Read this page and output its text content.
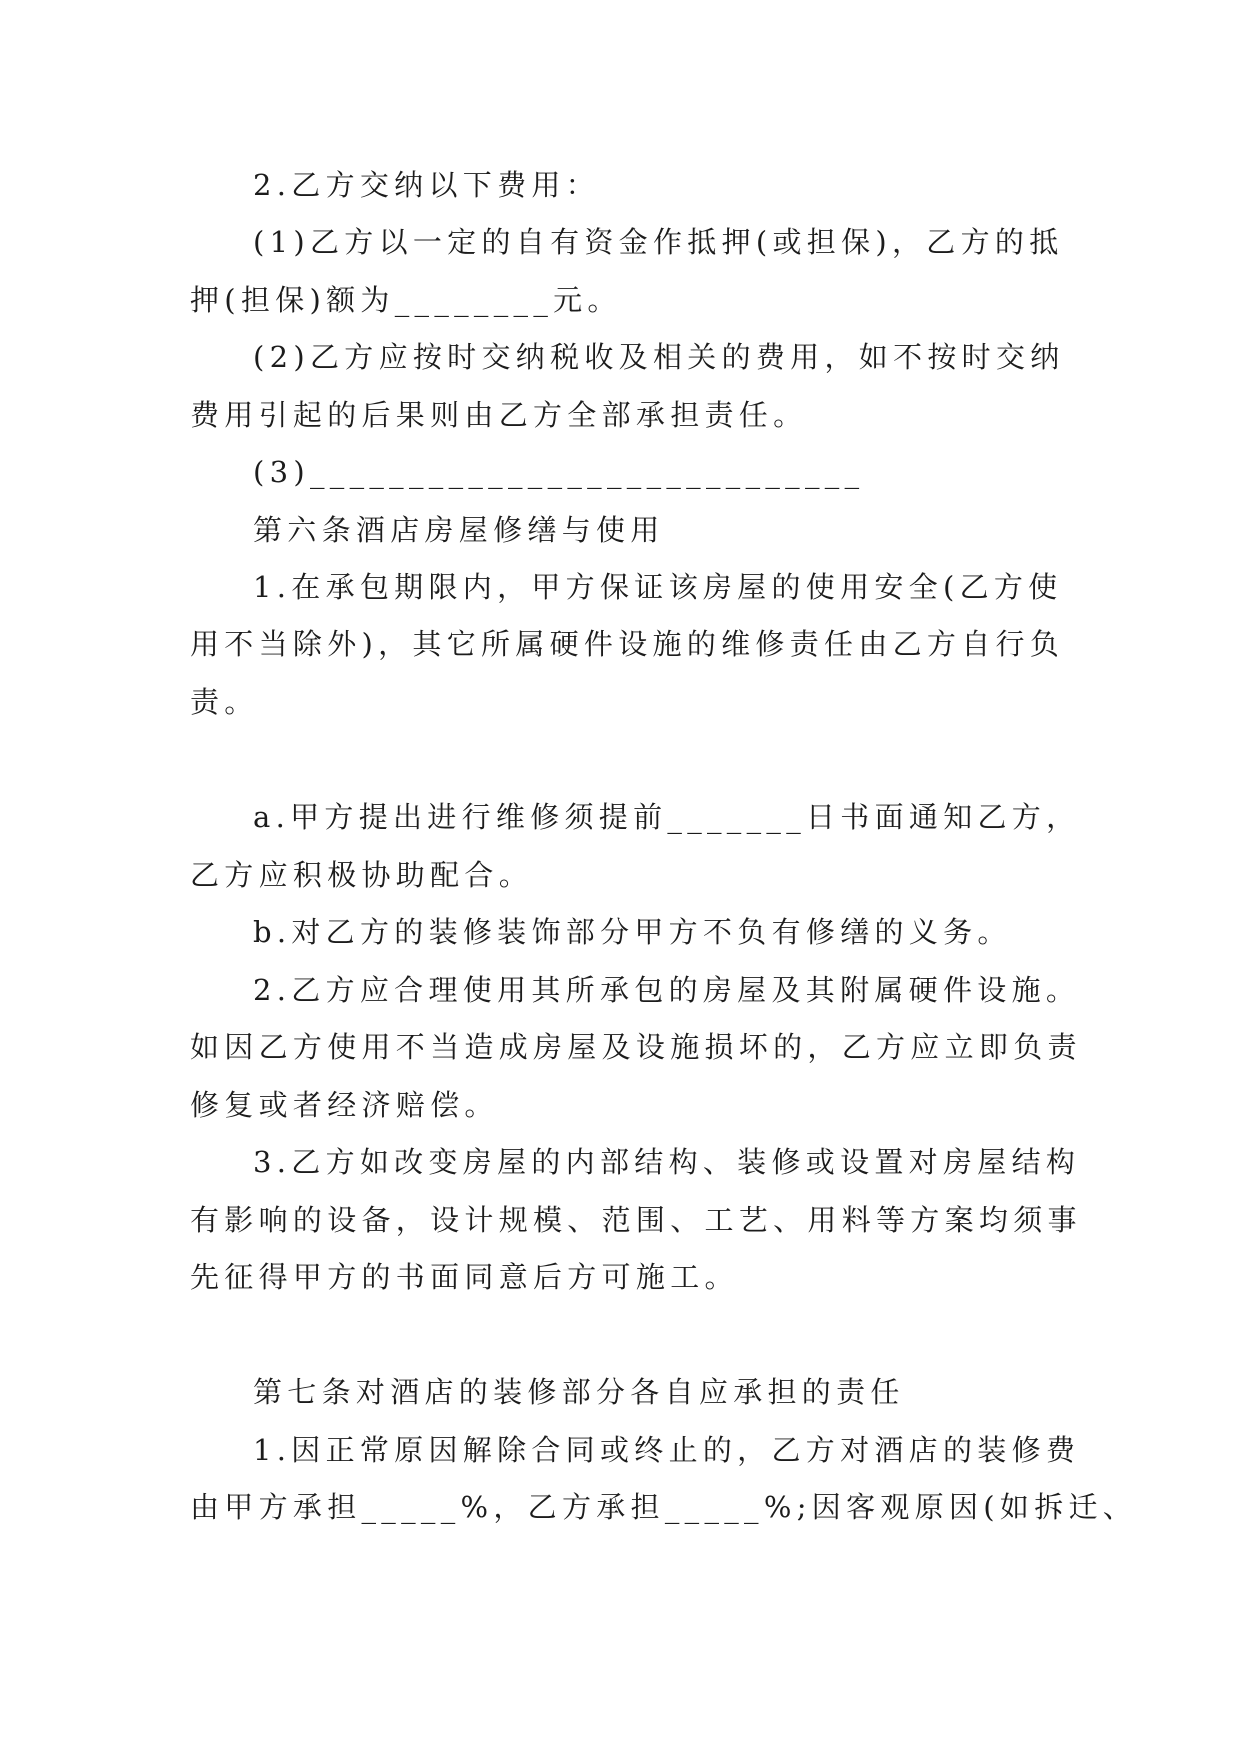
2.乙方交纳以下费用：
(1)乙方以一定的自有资金作抵押(或担保)，乙方的抵
押(担保)额为________元。
(2)乙方应按时交纳税收及相关的费用，如不按时交纳
费用引起的后果则由乙方全部承担责任。
(3)____________________________
第六条酒店房屋修缮与使用
1.在承包期限内，甲方保证该房屋的使用安全(乙方使
用不当除外)，其它所属硬件设施的维修责任由乙方自行负
责。
a.甲方提出进行维修须提前_______日书面通知乙方，
乙方应积极协助配合。
b.对乙方的装修装饰部分甲方不负有修缮的义务。
2.乙方应合理使用其所承包的房屋及其附属硬件设施。
如因乙方使用不当造成房屋及设施损坏的，乙方应立即负责
修复或者经济赔偿。
3.乙方如改变房屋的内部结构、装修或设置对房屋结构
有影响的设备，设计规模、范围、工艺、用料等方案均须事
先征得甲方的书面同意后方可施工。
第七条对酒店的装修部分各自应承担的责任
1.因正常原因解除合同或终止的，乙方对酒店的装修费
由甲方承担_____%，乙方承担_____%;因客观原因(如拆迁、
